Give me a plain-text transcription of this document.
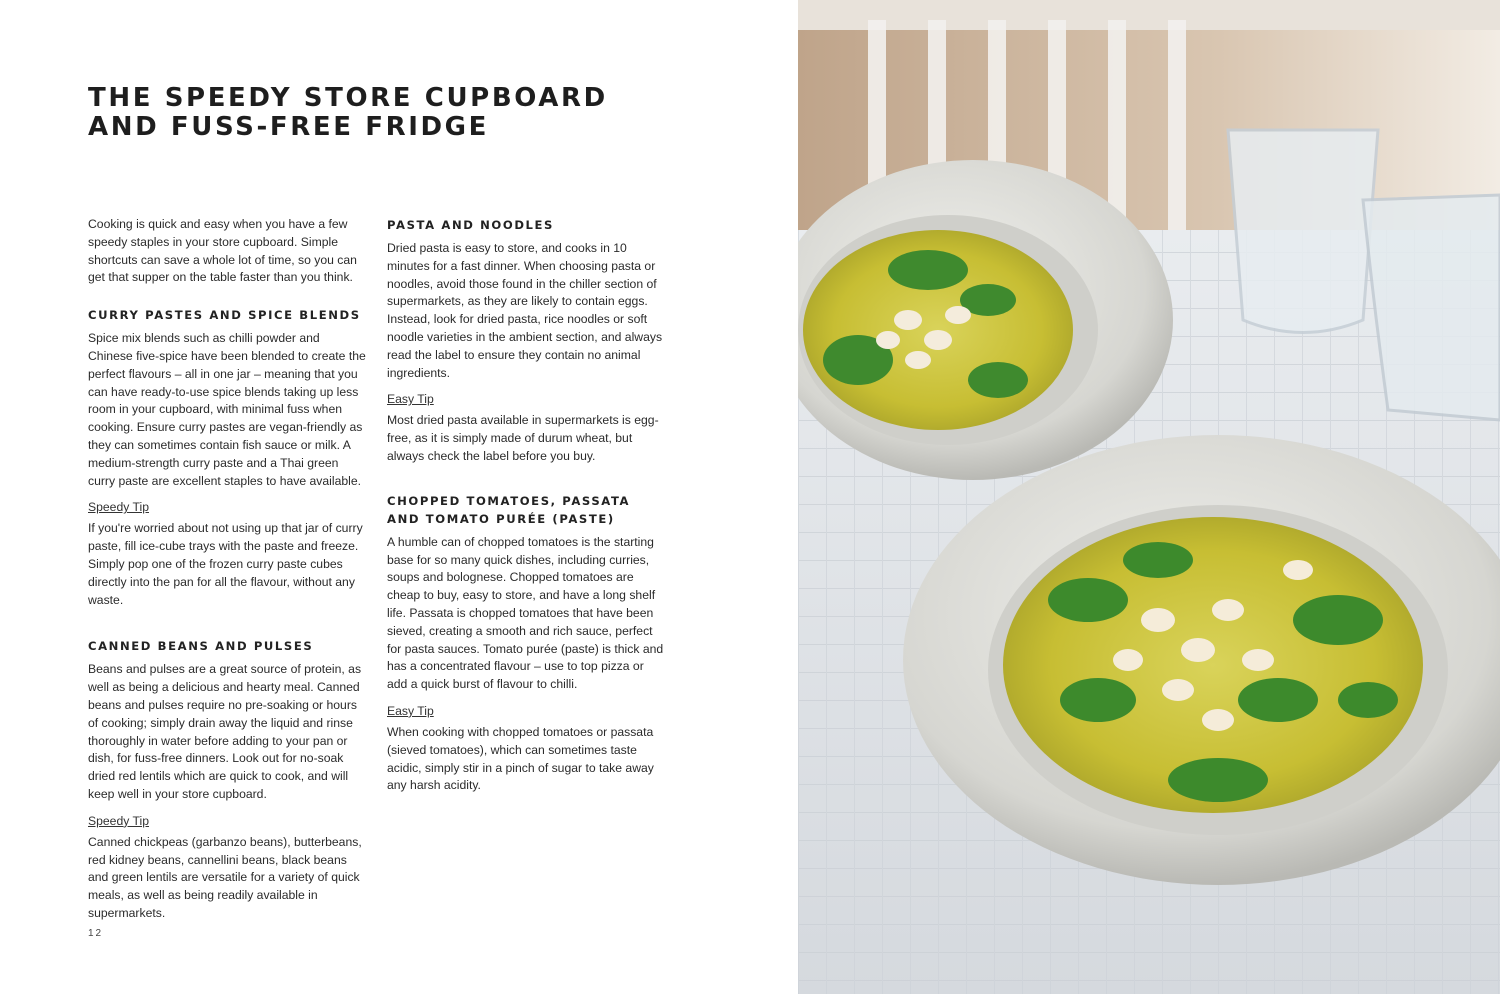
THE SPEEDY STORE CUPBOARD
AND FUSS-FREE FRIDGE

Cooking is quick and easy when you have a few speedy staples in your store cupboard. Simple shortcuts can save a whole lot of time, so you can get that supper on the table faster than you think.

CURRY PASTES AND SPICE BLENDS

Spice mix blends such as chilli powder and Chinese five-spice have been blended to create the perfect flavours – all in one jar – meaning that you can have ready-to-use spice blends taking up less room in your cupboard, with minimal fuss when cooking. Ensure curry pastes are vegan-friendly as they can sometimes contain fish sauce or milk. A medium-strength curry paste and a Thai green curry paste are excellent staples to have available.

Speedy Tip

If you're worried about not using up that jar of curry paste, fill ice-cube trays with the paste and freeze. Simply pop one of the frozen curry paste cubes directly into the pan for all the flavour, without any waste.

CANNED BEANS AND PULSES

Beans and pulses are a great source of protein, as well as being a delicious and hearty meal. Canned beans and pulses require no pre-soaking or hours of cooking; simply drain away the liquid and rinse thoroughly in water before adding to your pan or dish, for fuss-free dinners. Look out for no-soak dried red lentils which are quick to cook, and will keep well in your store cupboard.

Speedy Tip

Canned chickpeas (garbanzo beans), butterbeans, red kidney beans, cannellini beans, black beans and green lentils are versatile for a variety of quick meals, as well as being readily available in supermarkets.

PASTA AND NOODLES

Dried pasta is easy to store, and cooks in 10 minutes for a fast dinner. When choosing pasta or noodles, avoid those found in the chiller section of supermarkets, as they are likely to contain eggs. Instead, look for dried pasta, rice noodles or soft noodle varieties in the ambient section, and always read the label to ensure they contain no animal ingredients.

Easy Tip

Most dried pasta available in supermarkets is egg-free, as it is simply made of durum wheat, but always check the label before you buy.

CHOPPED TOMATOES, PASSATA
AND TOMATO PURÉE (PASTE)

A humble can of chopped tomatoes is the starting base for so many quick dishes, including curries, soups and bolognese. Chopped tomatoes are cheap to buy, easy to store, and have a long shelf life. Passata is chopped tomatoes that have been sieved, creating a smooth and rich sauce, perfect for pasta sauces. Tomato purée (paste) is thick and has a concentrated flavour – use to top pizza or add a quick burst of flavour to chilli.

Easy Tip

When cooking with chopped tomatoes or passata (sieved tomatoes), which can sometimes taste acidic, simply stir in a pinch of sugar to take away any harsh acidity.

12
